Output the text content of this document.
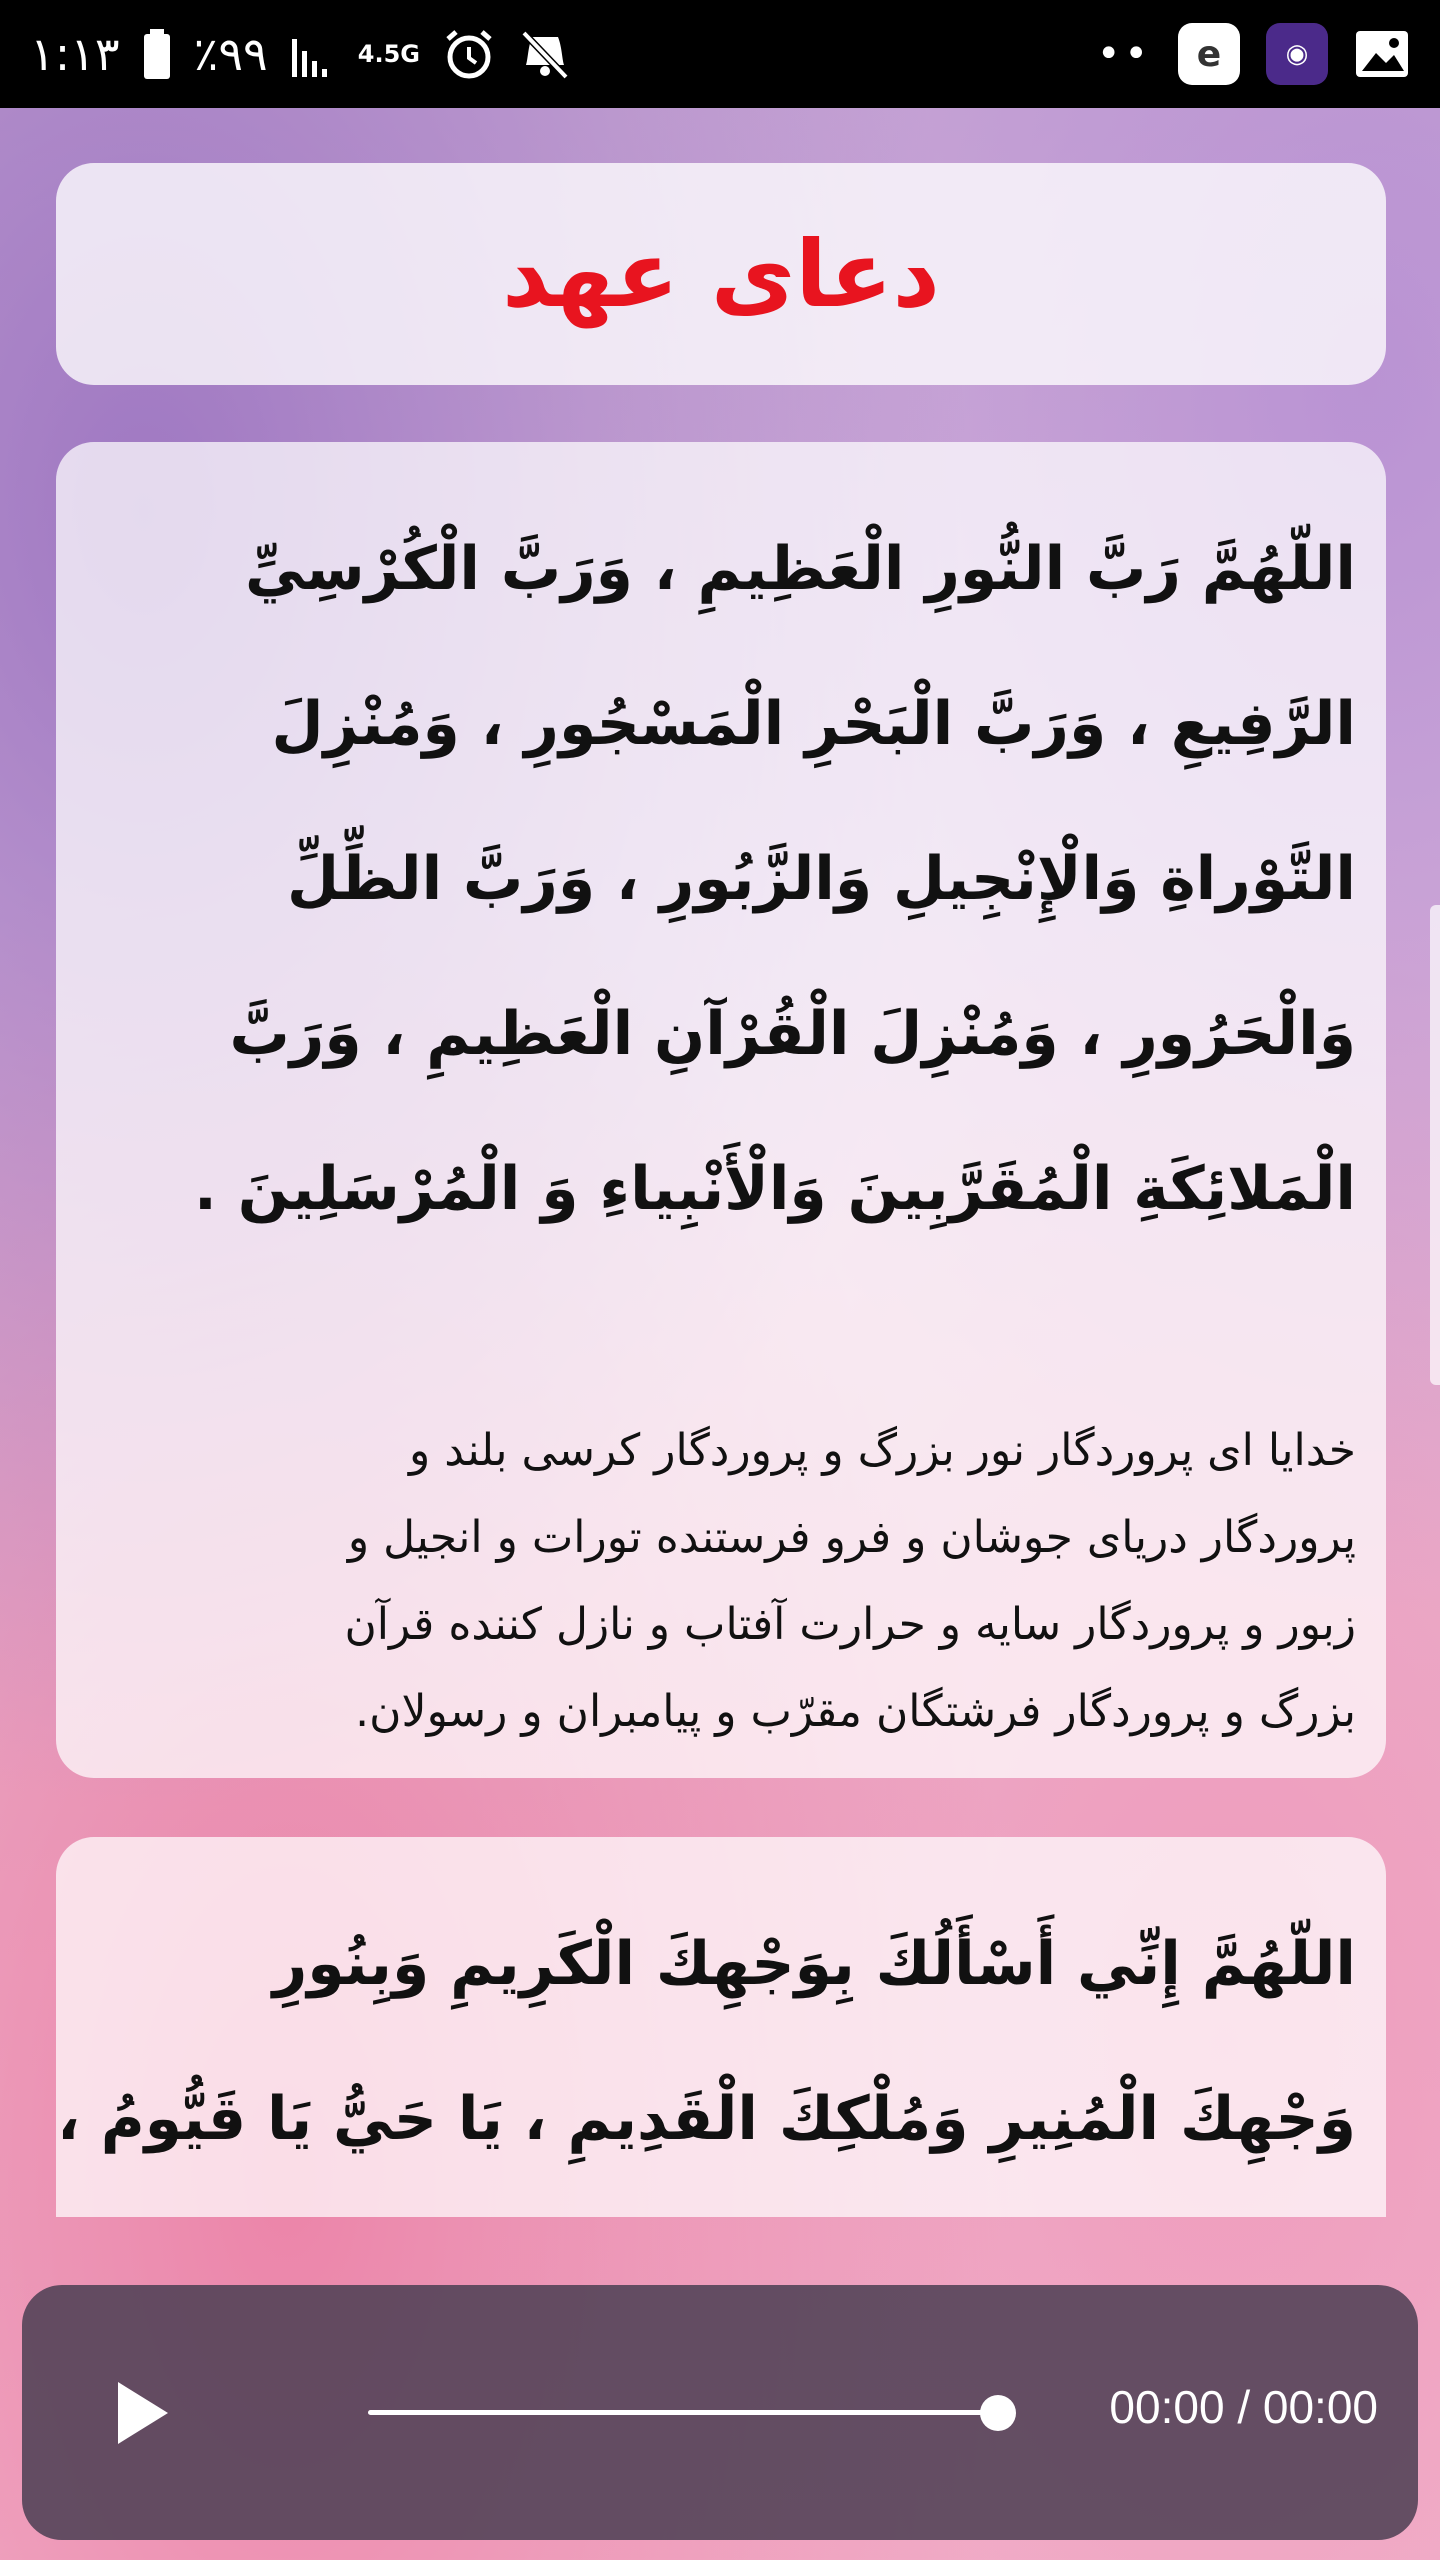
۱:۱۳ ٪۹۹	4.5G	••	e	◉
دعای عهد

اللّهُمَّ رَبَّ النُّورِ الْعَظِيمِ ، وَرَبَّ الْكُرْسِيِّ

الرَّفِيعِ ، وَرَبَّ الْبَحْرِ الْمَسْجُورِ ، وَمُنْزِلَ

التَّوْراةِ وَالْإِنْجِيلِ وَالزَّبُورِ ، وَرَبَّ الظِّلِّ

وَالْحَرُورِ ، وَمُنْزِلَ الْقُرْآنِ الْعَظِيمِ ، وَرَبَّ

الْمَلائِكَةِ الْمُقَرَّبِينَ وَالْأَنْبِياءِ وَ الْمُرْسَلِينَ .

خدایا ای پروردگار نور بزرگ و پروردگار کرسی بلند و

پروردگار دریای جوشان و فرو فرستنده تورات و انجیل و

زبور و پروردگار سایه و حرارت آفتاب و نازل کننده قرآن

بزرگ و پروردگار فرشتگان مقرّب و پیامبران و رسولان.

اللّهُمَّ إِنِّي أَسْأَلُكَ بِوَجْهِكَ الْكَرِيمِ وَبِنُورِ

وَجْهِكَ الْمُنِيرِ وَمُلْكِكَ الْقَدِيمِ ، يَا حَيُّ يَا قَيُّومُ ،

00:00 / 00:00
